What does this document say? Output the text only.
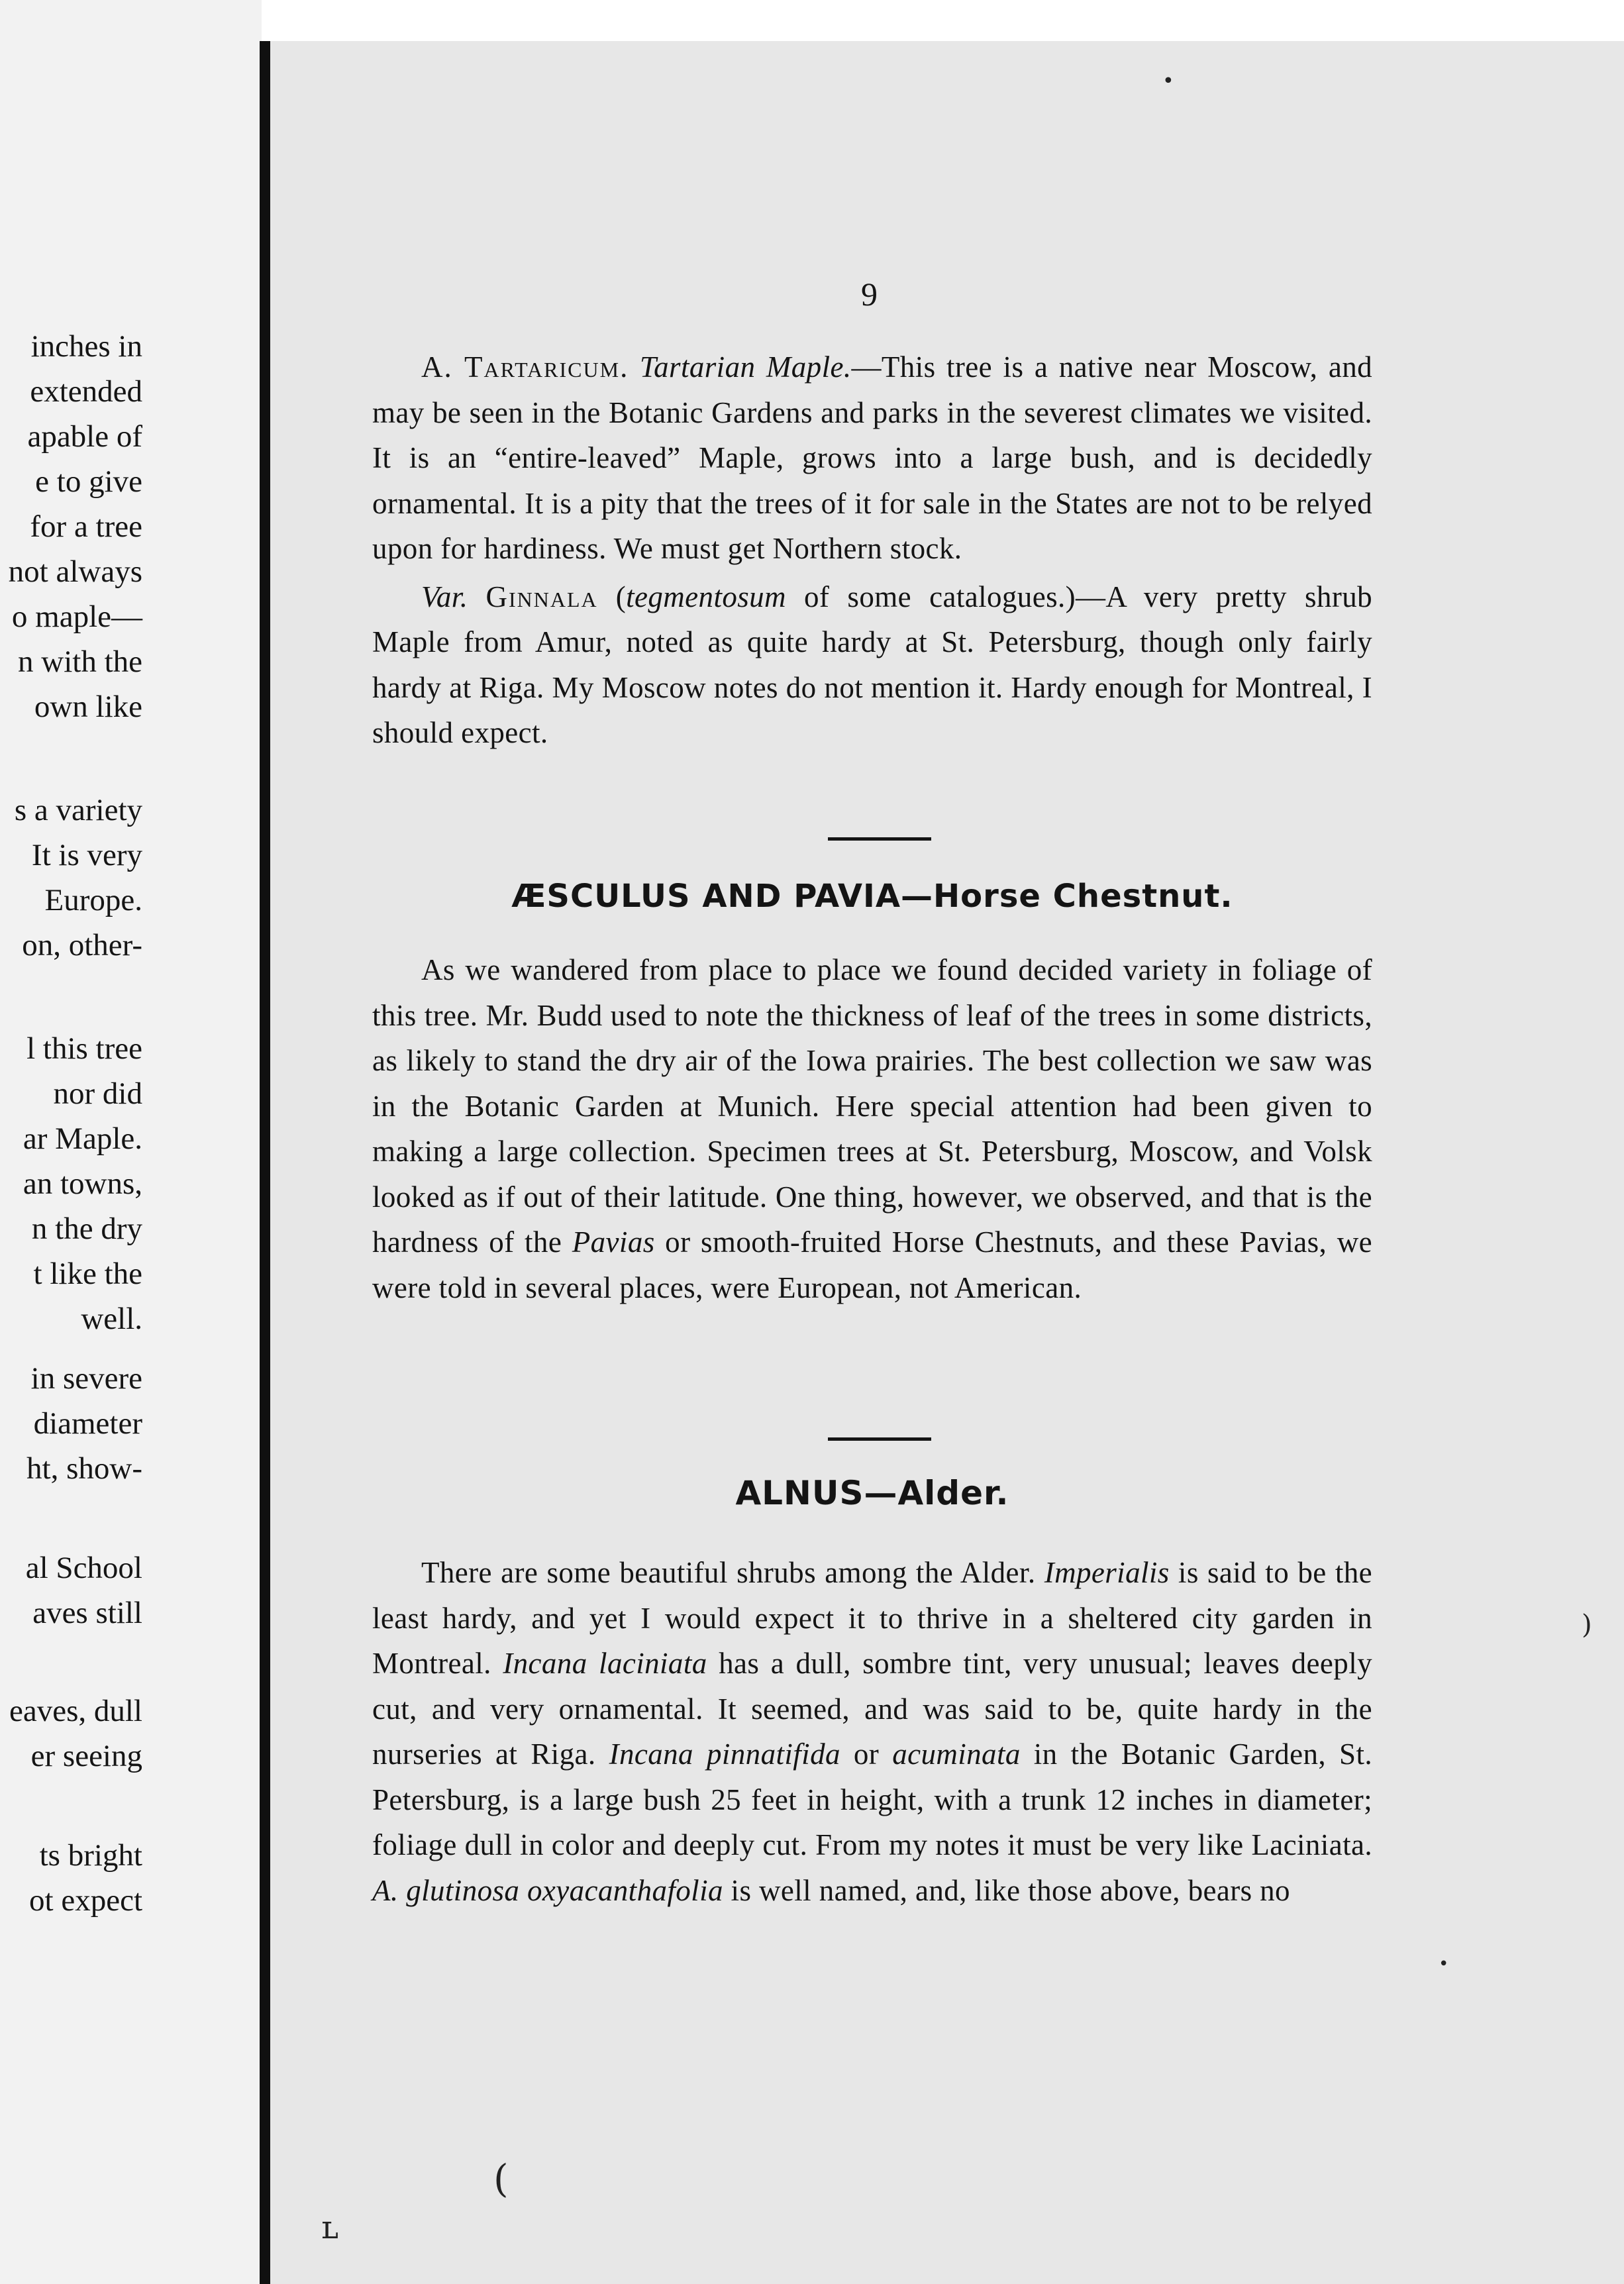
inches in
extended
apable of
e to give
for a tree
not always
o maple—
n with the
own like
s a variety
It is very
Europe.
on, other-
l this tree
nor did
ar Maple.
an towns,
n the dry
t like the
well.
in severe
diameter
ht, show-
al School
aves still
eaves, dull
er seeing
ts bright
ot expect
9

A. Tartaricum. Tartarian Maple.—This tree is a native near Moscow, and may be seen in the Botanic Gardens and parks in the severest climates we visited. It is an “entire-leaved” Maple, grows into a large bush, and is decidedly ornamental. It is a pity that the trees of it for sale in the States are not to be relyed upon for hardiness. We must get Northern stock.

Var. Ginnala (tegmentosum of some catalogues.)—A very pretty shrub Maple from Amur, noted as quite hardy at St. Petersburg, though only fairly hardy at Riga. My Moscow notes do not mention it. Hardy enough for Montreal, I should expect.

ÆSCULUS AND PAVIA—Horse Chestnut.

As we wandered from place to place we found decided variety in foliage of this tree. Mr. Budd used to note the thickness of leaf of the trees in some districts, as likely to stand the dry air of the Iowa prairies. The best collection we saw was in the Botanic Garden at Munich. Here special attention had been given to making a large collection. Specimen trees at St. Petersburg, Moscow, and Volsk looked as if out of their latitude. One thing, however, we observed, and that is the hardness of the Pavias or smooth-fruited Horse Chestnuts, and these Pavias, we were told in several places, were European, not American.

ALNUS—Alder.

There are some beautiful shrubs among the Alder. Imperialis is said to be the least hardy, and yet I would expect it to thrive in a sheltered city garden in Montreal. Incana laciniata has a dull, sombre tint, very unusual; leaves deeply cut, and very ornamental. It seemed, and was said to be, quite hardy in the nurseries at Riga. Incana pinnatifida or acuminata in the Botanic Garden, St. Petersburg, is a large bush 25 feet in height, with a trunk 12 inches in diameter; foliage dull in color and deeply cut. From my notes it must be very like Laciniata. A. glutinosa oxyacanthafolia is well named, and, like those above, bears no

)
•
•
ʟ
(
